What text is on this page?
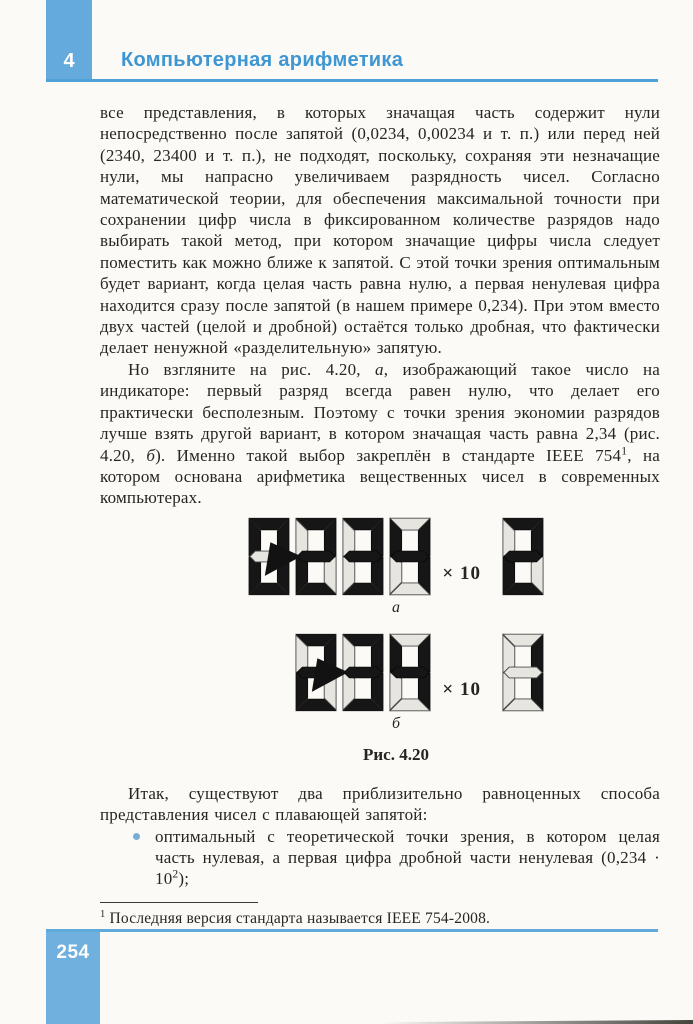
4 Компьютерная арифметика

все представления, в которых значащая часть содержит нули непосредственно после запятой (0,0234, 0,00234 и т. п.) или перед ней (2340, 23400 и т. п.), не подходят, поскольку, сохраняя эти незначащие нули, мы напрасно увеличиваем разрядность чисел. Согласно математической теории, для обеспечения максимальной точности при сохранении цифр числа в фиксированном количестве разрядов надо выбирать такой метод, при котором значащие цифры числа следует поместить как можно ближе к запятой. С этой точки зрения оптимальным будет вариант, когда целая часть равна нулю, а первая ненулевая цифра находится сразу после запятой (в нашем примере 0,234). При этом вместо двух частей (целой и дробной) остаётся только дробная, что фактически делает ненужной «разделительную» запятую.

Но взгляните на рис. 4.20, а, изображающий такое число на индикаторе: первый разряд всегда равен нулю, что делает его практически бесполезным. Поэтому с точки зрения экономии разрядов лучше взять другой вариант, в котором значащая часть равна 2,34 (рис. 4.20, б). Именно такой выбор закреплён в стандарте IEEE $754^1$, на котором основана арифметика вещественных чисел в современных компьютерах.

× 10
а
× 10
б
Рис. 4.20

Итак, существуют два приблизительно равноценных способа представления чисел с плавающей запятой:

оптимальный с теоретической точки зрения, в котором целая часть нулевая, а первая цифра дробной части ненулевая $(0,234 \cdot 10^2)$;

$^1$ Последняя версия стандарта называется IEEE 754-2008.

254
